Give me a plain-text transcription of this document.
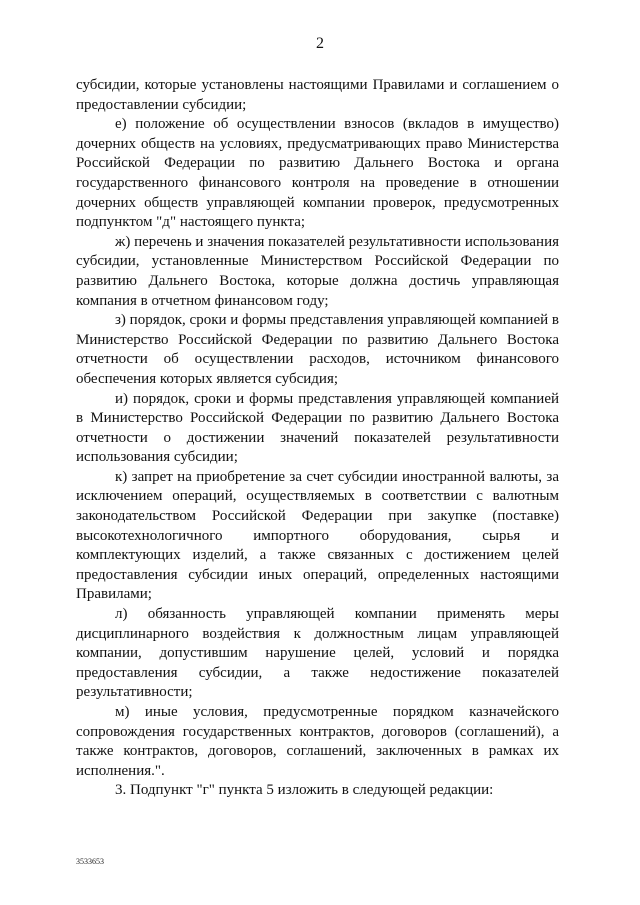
2

субсидии, которые установлены настоящими Правилами и соглашением о предоставлении субсидии;

е) положение об осуществлении взносов (вкладов в имущество) дочерних обществ на условиях, предусматривающих право Министерства Российской Федерации по развитию Дальнего Востока и органа государственного финансового контроля на проведение в отношении дочерних обществ управляющей компании проверок, предусмотренных подпунктом "д" настоящего пункта;

ж) перечень и значения показателей результативности использования субсидии, установленные Министерством Российской Федерации по развитию Дальнего Востока, которые должна достичь управляющая компания в отчетном финансовом году;

з) порядок, сроки и формы представления управляющей компанией в Министерство Российской Федерации по развитию Дальнего Востока отчетности об осуществлении расходов, источником финансового обеспечения которых является субсидия;

и) порядок, сроки и формы представления управляющей компанией в Министерство Российской Федерации по развитию Дальнего Востока отчетности о достижении значений показателей результативности использования субсидии;

к) запрет на приобретение за счет субсидии иностранной валюты, за исключением операций, осуществляемых в соответствии с валютным законодательством Российской Федерации при закупке (поставке) высокотехнологичного импортного оборудования, сырья и комплектующих изделий, а также связанных с достижением целей предоставления субсидии иных операций, определенных настоящими Правилами;

л) обязанность управляющей компании применять меры дисциплинарного воздействия к должностным лицам управляющей компании, допустившим нарушение целей, условий и порядка предоставления субсидии, а также недостижение показателей результативности;

м) иные условия, предусмотренные порядком казначейского сопровождения государственных контрактов, договоров (соглашений), а также контрактов, договоров, соглашений, заключенных в рамках их исполнения.".

3. Подпункт "г" пункта 5 изложить в следующей редакции:

3533653
